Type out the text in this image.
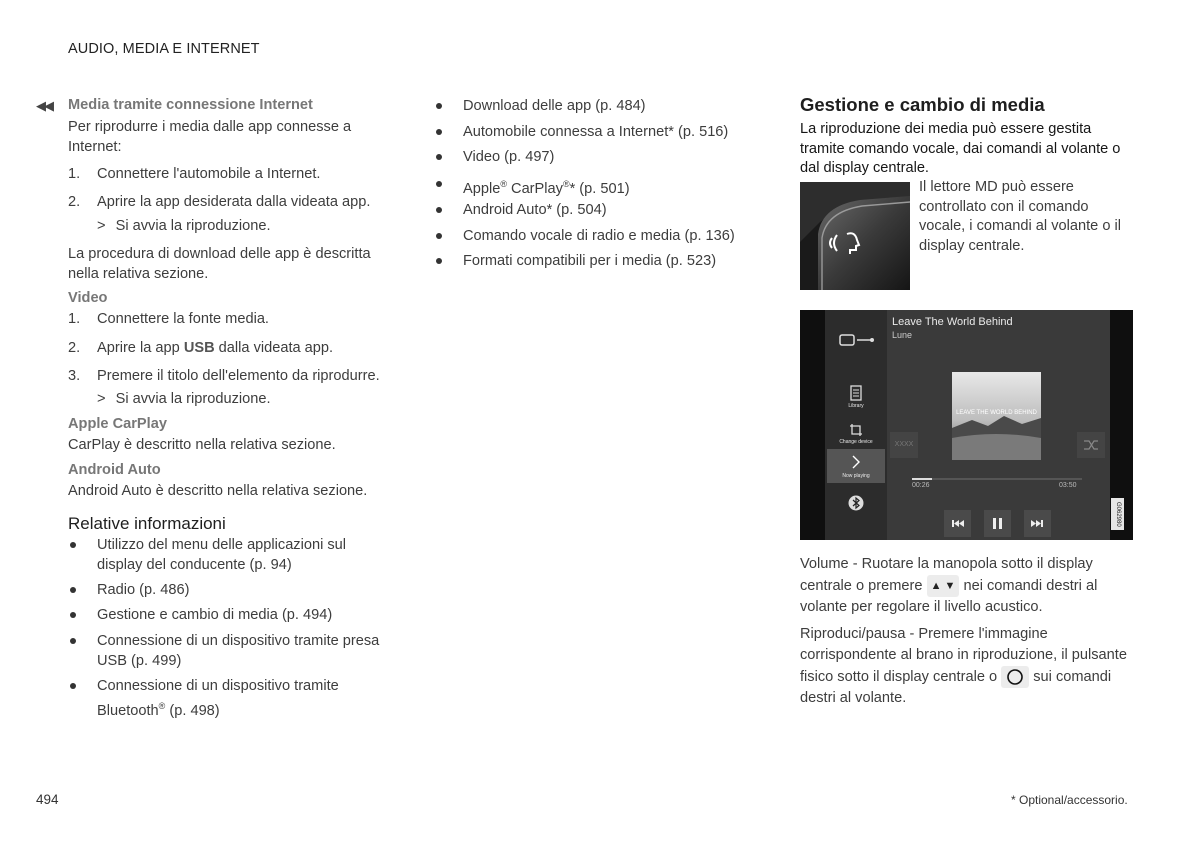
AUDIO, MEDIA E INTERNET
◀◀ Media tramite connessione Internet
Per riprodurre i media dalle app connesse a Internet:
1. Connettere l'automobile a Internet.
2. Aprire la app desiderata dalla videata app.
> Si avvia la riproduzione.
La procedura di download delle app è descritta nella relativa sezione.
Video
1. Connettere la fonte media.
2. Aprire la app USB dalla videata app.
3. Premere il titolo dell'elemento da riprodurre.
> Si avvia la riproduzione.
Apple CarPlay
CarPlay è descritto nella relativa sezione.
Android Auto
Android Auto è descritto nella relativa sezione.
Relative informazioni
Utilizzo del menu delle applicazioni sul display del conducente (p. 94)
Radio (p. 486)
Gestione e cambio di media (p. 494)
Connessione di un dispositivo tramite presa USB (p. 499)
Connessione di un dispositivo tramite Bluetooth® (p. 498)
Download delle app (p. 484)
Automobile connessa a Internet* (p. 516)
Video (p. 497)
Apple® CarPlay®* (p. 501)
Android Auto* (p. 504)
Comando vocale di radio e media (p. 136)
Formati compatibili per i media (p. 523)
Gestione e cambio di media
La riproduzione dei media può essere gestita tramite comando vocale, dai comandi al volante o dal display centrale.
Il lettore MD può essere controllato con il comando vocale, i comandi al volante o il display centrale.
Library
Change device
Now playing
Leave The World Behind
Lune
LEAVE THE WORLD BEHIND
XXXX
00:26	03:50
G062980
Volume - Ruotare la manopola sotto il display centrale o premere ▲ ▼ nei comandi destri al volante per regolare il livello acustico.
Riproduci/pausa - Premere l'immagine corrispondente al brano in riproduzione, il pulsante fisico sotto il display centrale o sui comandi destri al volante.
494	* Optional/accessorio.
